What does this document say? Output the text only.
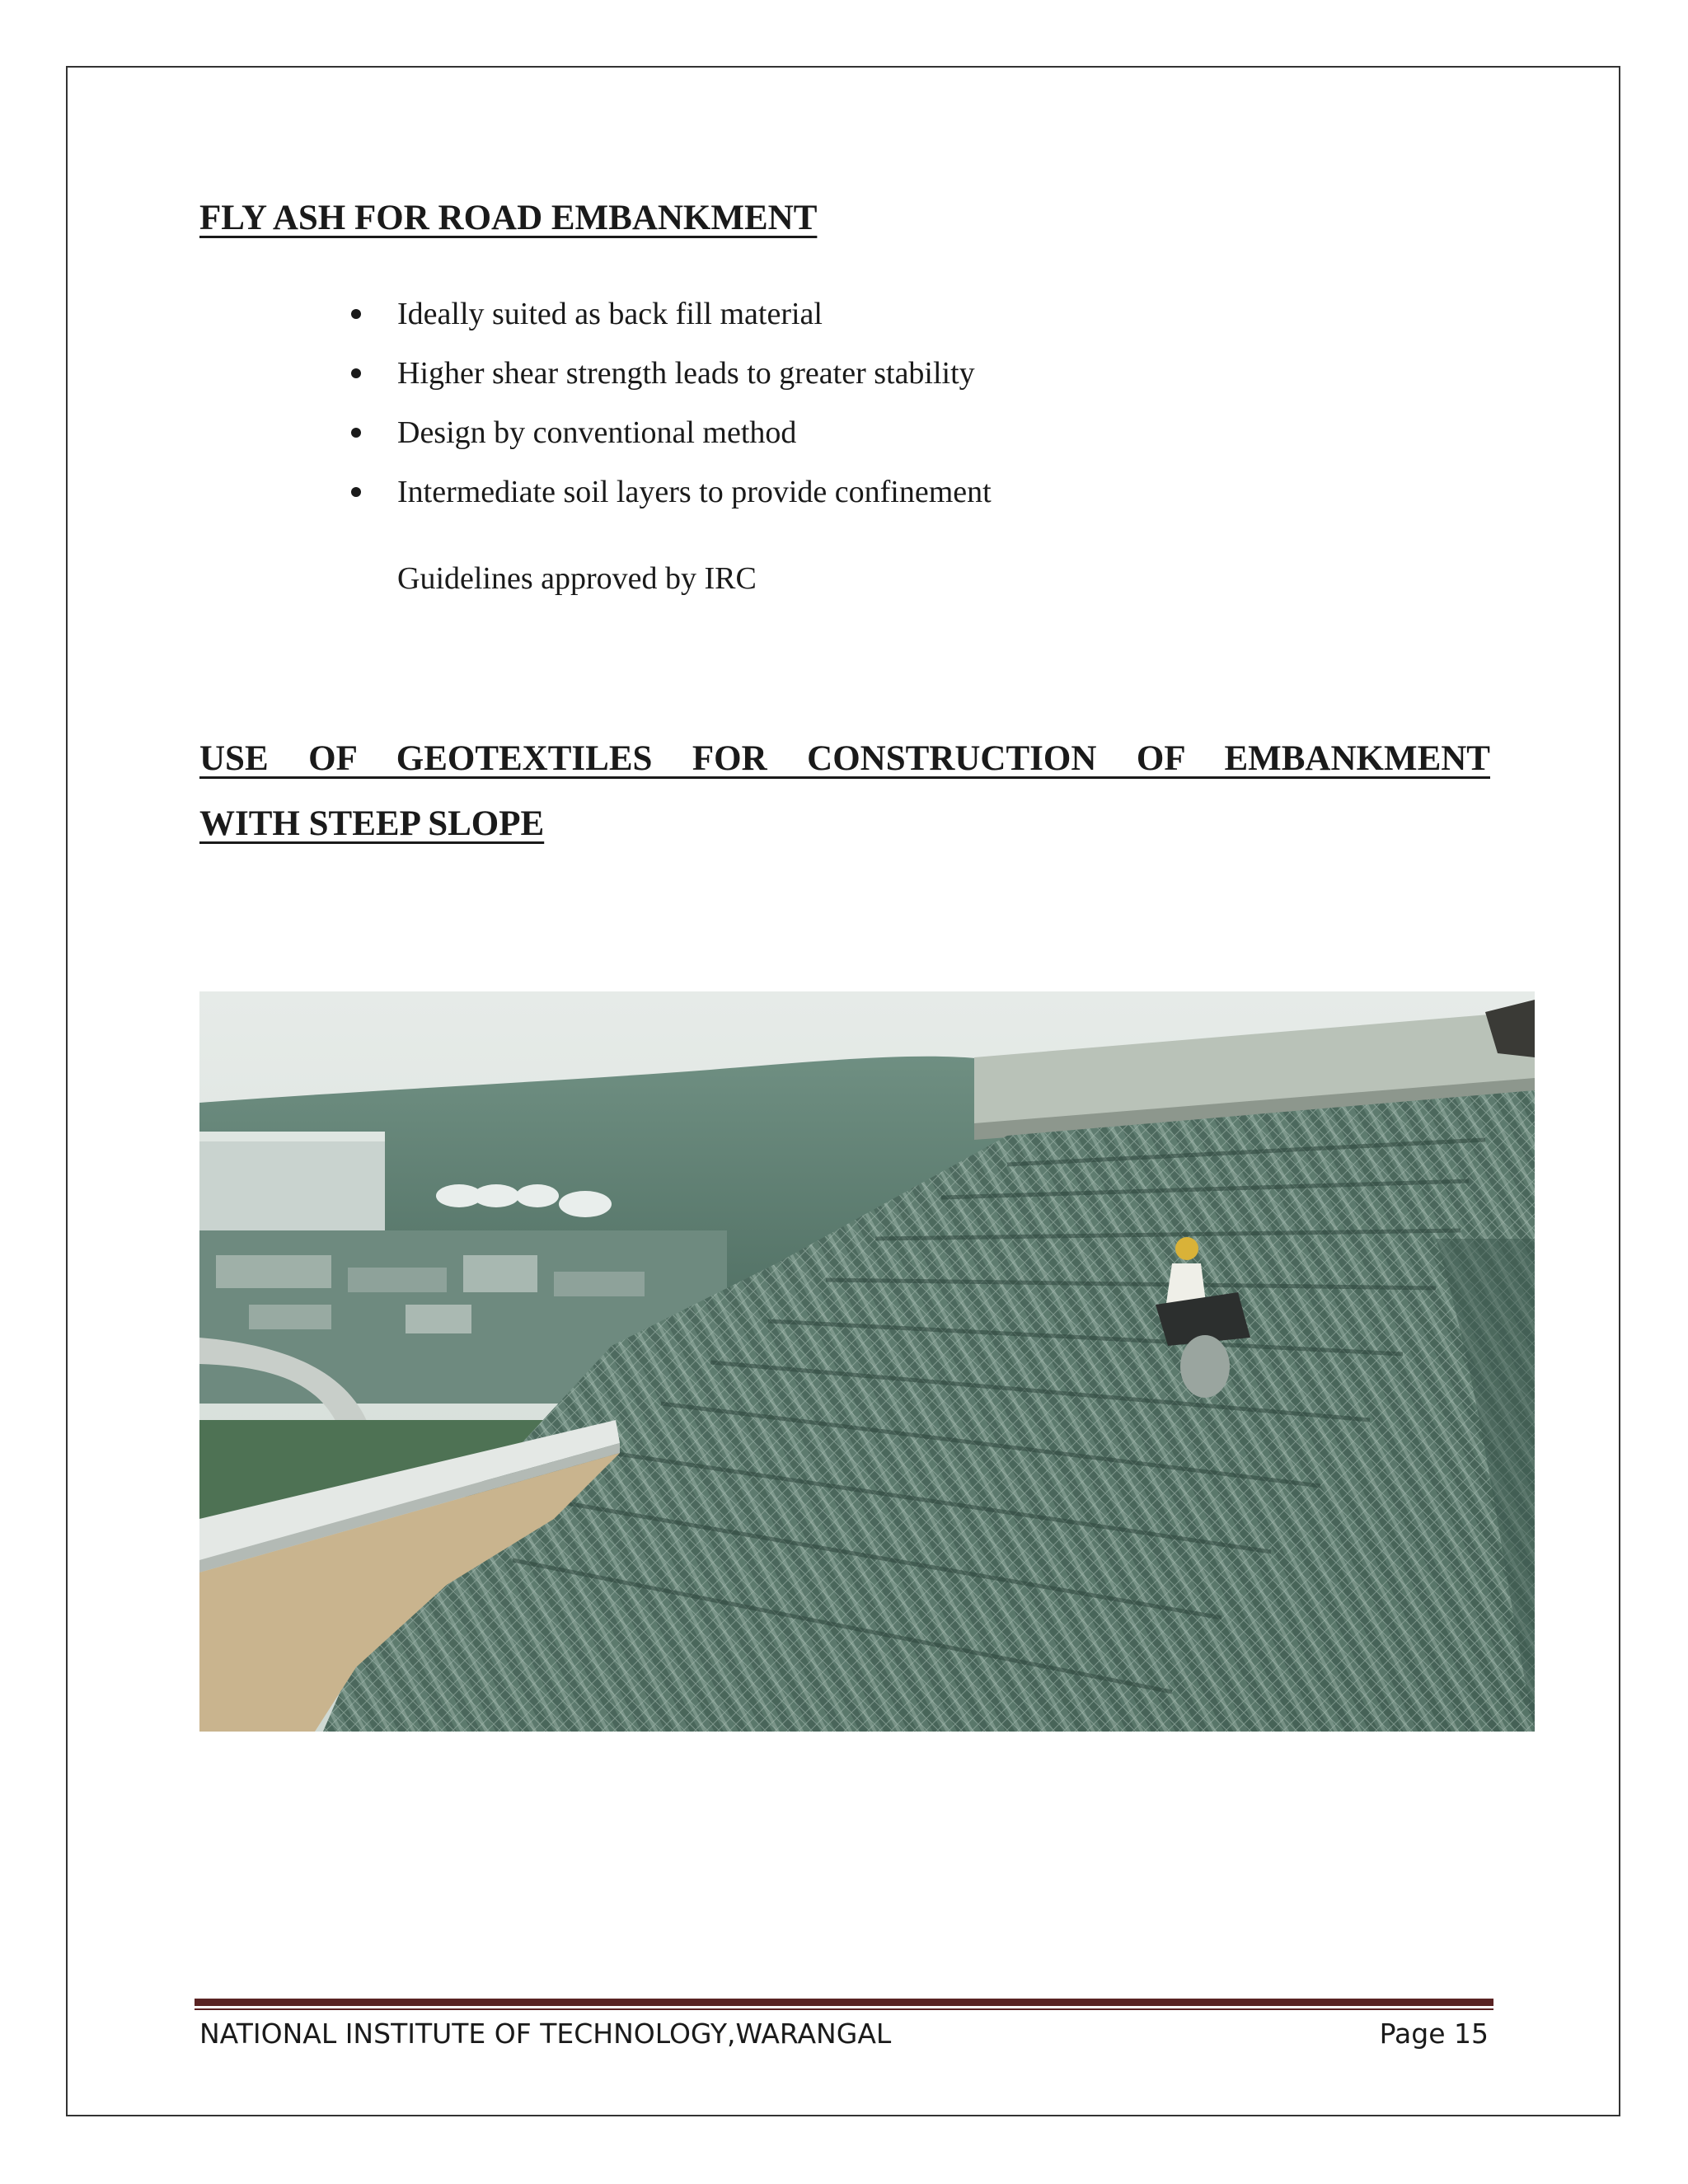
FLY ASH FOR ROAD EMBANKMENT
Ideally suited as back fill material
Higher shear strength leads to greater stability
Design by conventional method
Intermediate soil layers to provide confinement
Guidelines approved by IRC
USE OF GEOTEXTILES FOR CONSTRUCTION OF EMBANKMENT
WITH STEEP SLOPE
NATIONAL INSTITUTE OF TECHNOLOGY,WARANGAL	Page 15
